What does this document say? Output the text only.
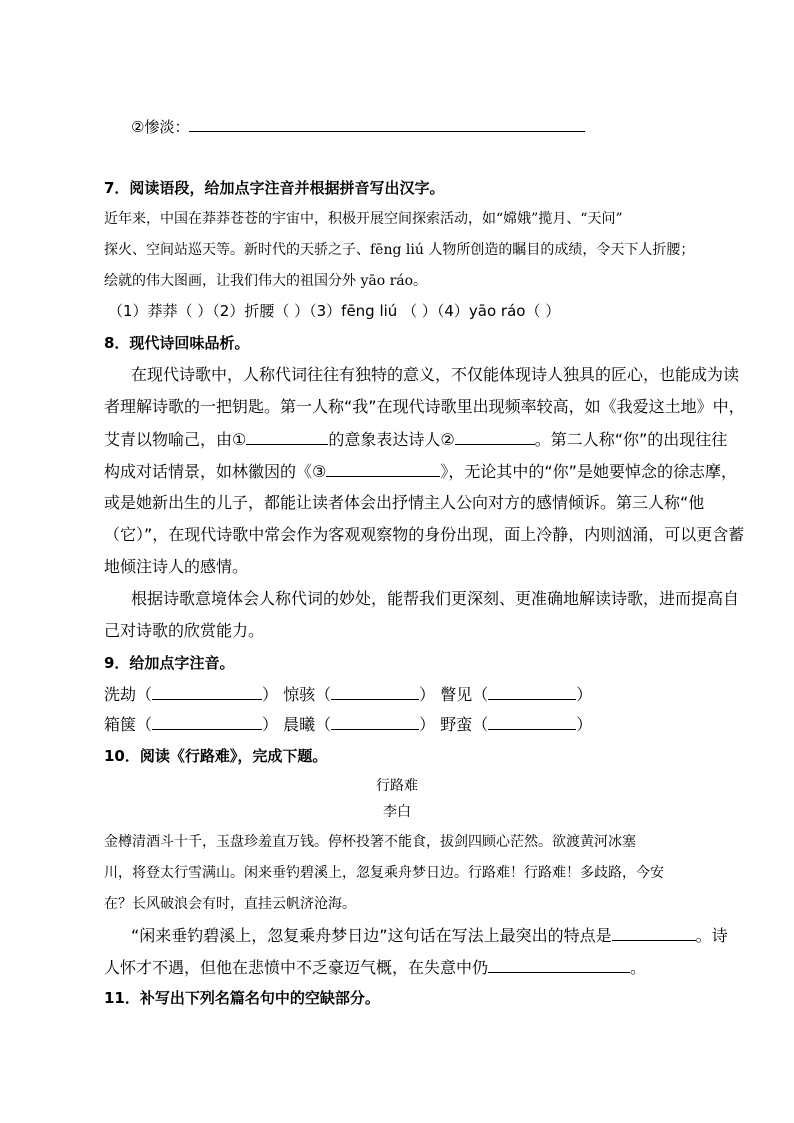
②惨淡：
7．阅读语段，给加点字注音并根据拼音写出汉字。
近年来，中国在莽莽苍苍的宇宙中，积极开展空间探索活动，如“嫦娥”揽月、“天问”
探火、空间站巡天等。新时代的天骄之子、fēng liú 人物所创造的瞩目的成绩，令天下人折腰；
绘就的伟大图画，让我们伟大的祖国分外 yāo ráo。
（1）莽莽（ ）（2）折腰（ ）（3）fēng liú （ ）（4）yāo ráo（ ）
8．现代诗回味品析。
在现代诗歌中，人称代词往往有独特的意义，不仅能体现诗人独具的匠心，也能成为读
者理解诗歌的一把钥匙。第一人称“我”在现代诗歌里出现频率较高，如《我爱这土地》中，
艾青以物喻己，由①	的意象表达诗人②	。第二人称“你”的出现往往
构成对话情景，如林徽因的《③	》，无论其中的“你”是她要悼念的徐志摩，
或是她新出生的儿子，都能让读者体会出抒情主人公向对方的感情倾诉。第三人称“他
（它）”，在现代诗歌中常会作为客观观察物的身份出现，面上冷静，内则汹涌，可以更含蓄
地倾注诗人的感情。
根据诗歌意境体会人称代词的妙处，能帮我们更深刻、更准确地解读诗歌，进而提高自
己对诗歌的欣赏能力。
9．给加点字注音。
洗劫（	） 惊骇（	） 瞥见（	）
箱箧（	） 晨曦（	） 野蛮（	）
10．阅读《行路难》，完成下题。
行路难
李白
金樽清酒斗十千，玉盘珍羞直万钱。停杯投箸不能食，拔剑四顾心茫然。欲渡黄河冰塞
川，将登太行雪满山。闲来垂钓碧溪上，忽复乘舟梦日边。行路难！行路难！多歧路，今安
在？长风破浪会有时，直挂云帆济沧海。
“闲来垂钓碧溪上，忽复乘舟梦日边”这句话在写法上最突出的特点是	。诗
人怀才不遇，但他在悲愤中不乏豪迈气概，在失意中仍	。
11．补写出下列名篇名句中的空缺部分。
